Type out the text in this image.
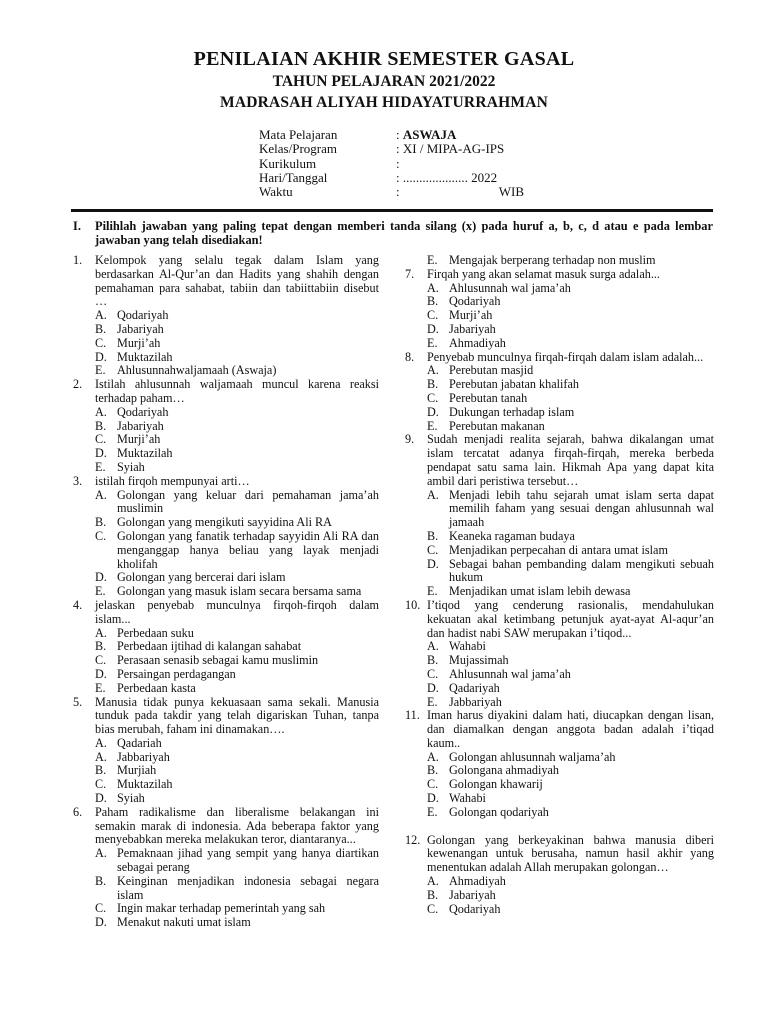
PENILAIAN AKHIR SEMESTER GASAL
TAHUN PELAJARAN 2021/2022
MADRASAH ALIYAH HIDAYATURRAHMAN
Mata Pelajaran	: ASWAJA
Kelas/Program	: XI / MIPA-AG-IPS
Kurikulum	:
Hari/Tanggal	: .................... 2022
Waktu	:	WIB
I. Pilihlah jawaban yang paling tepat dengan memberi tanda silang (x) pada huruf a, b, c, d atau e pada lembar jawaban yang telah disediakan!
1. Kelompok yang selalu tegak dalam Islam yang berdasarkan Al-Qur’an dan Hadits yang shahih dengan pemahaman para sahabat, tabiin dan tabiittabiin disebut …
A. Qodariyah
B. Jabariyah
C. Murji’ah
D. Muktazilah
E. Ahlusunnahwaljamaah (Aswaja)
2. Istilah ahlusunnah waljamaah muncul karena reaksi terhadap paham…
A. Qodariyah
B. Jabariyah
C. Murji’ah
D. Muktazilah
E. Syiah
3. istilah firqoh mempunyai arti…
A. Golongan yang keluar dari pemahaman jama’ah muslimin
B. Golongan yang mengikuti sayyidina Ali RA
C. Golongan yang fanatik terhadap sayyidin Ali RA dan menganggap hanya beliau yang layak menjadi kholifah
D. Golongan yang bercerai dari islam
E. Golongan yang masuk islam secara bersama sama
4. jelaskan penyebab munculnya firqoh-firqoh dalam islam...
A. Perbedaan suku
B. Perbedaan ijtihad di kalangan sahabat
C. Perasaan senasib sebagai kamu muslimin
D. Persaingan perdagangan
E. Perbedaan kasta
5. Manusia tidak punya kekuasaan sama sekali. Manusia tunduk pada takdir yang telah digariskan Tuhan, tanpa bias merubah, faham ini dinamakan….
A. Qadariah
A. Jabbariyah
B. Murjiah
C. Muktazilah
D. Syiah
6. Paham radikalisme dan liberalisme belakangan ini semakin marak di indonesia. Ada beberapa faktor yang menyebabkan mereka melakukan teror, diantaranya...
A. Pemaknaan jihad yang sempit yang hanya diartikan sebagai perang
B. Keinginan menjadikan indonesia sebagai negara islam
C. Ingin makar terhadap pemerintah yang sah
D. Menakut nakuti umat islam
E. Mengajak berperang terhadap non muslim
7. Firqah yang akan selamat masuk surga adalah...
A. Ahlusunnah wal jama’ah
B. Qodariyah
C. Murji’ah
D. Jabariyah
E. Ahmadiyah
8. Penyebab munculnya firqah-firqah dalam islam adalah...
A. Perebutan masjid
B. Perebutan jabatan khalifah
C. Perebutan tanah
D. Dukungan terhadap islam
E. Perebutan makanan
9. Sudah menjadi realita sejarah, bahwa dikalangan umat islam tercatat adanya firqah-firqah, mereka berbeda pendapat satu sama lain. Hikmah Apa yang dapat kita ambil dari peristiwa tersebut…
A. Menjadi lebih tahu sejarah umat islam serta dapat memilih faham yang sesuai dengan ahlusunnah wal jamaah
B. Keaneka ragaman budaya
C. Menjadikan perpecahan di antara umat islam
D. Sebagai bahan pembanding dalam mengikuti sebuah hukum
E. Menjadikan umat islam lebih dewasa
10. I’tiqod yang cenderung rasionalis, mendahulukan kekuatan akal ketimbang petunjuk ayat-ayat Al-aqur’an dan hadist nabi SAW merupakan i’tiqod...
A. Wahabi
B. Mujassimah
C. Ahlusunnah wal jama’ah
D. Qadariyah
E. Jabbariyah
11. Iman harus diyakini dalam hati, diucapkan dengan lisan, dan diamalkan dengan anggota badan adalah i’tiqad kaum..
A. Golongan ahlusunnah waljama’ah
B. Golongana ahmadiyah
C. Golongan khawarij
D. Wahabi
E. Golongan qodariyah
12. Golongan yang berkeyakinan bahwa manusia diberi kewenangan untuk berusaha, namun hasil akhir yang menentukan adalah Allah merupakan golongan…
A. Ahmadiyah
B. Jabariyah
C. Qodariyah
